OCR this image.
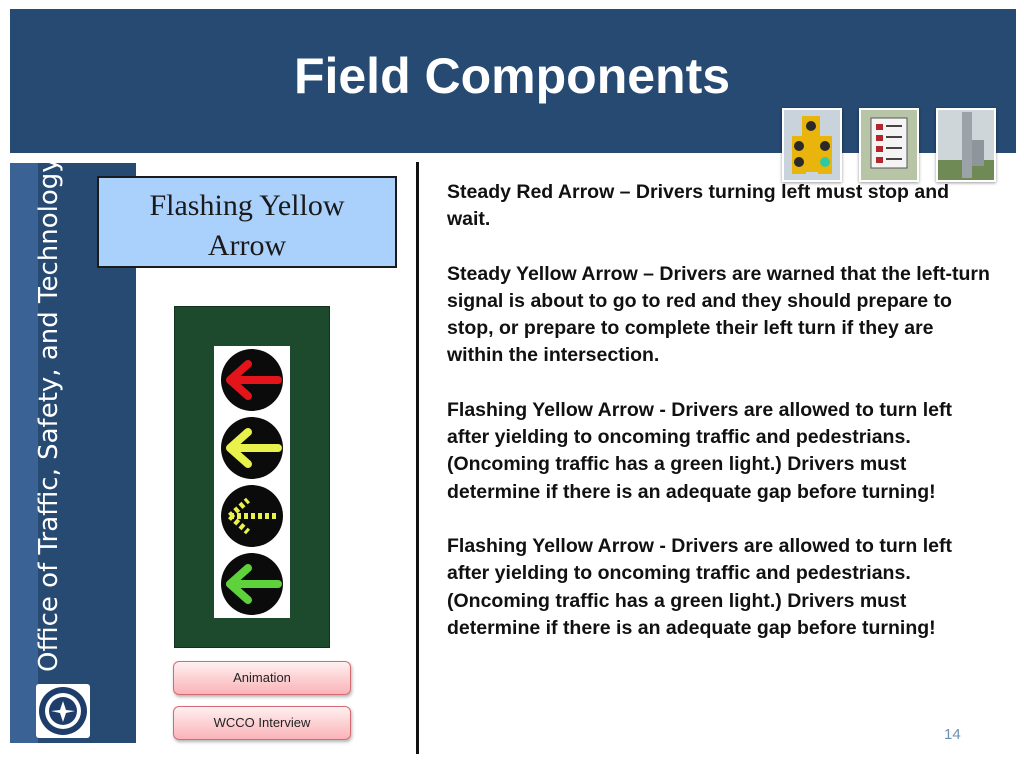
Field Components
Office of Traffic, Safety, and Technology	Flashing Yellow
Arrow
Animation
WCCO Interview

Steady Red Arrow – Drivers turning left must stop and wait.

Steady Yellow Arrow – Drivers are warned that the left-turn signal is about to go to red and they should prepare to stop, or prepare to complete their left turn if they are within the intersection.

Flashing Yellow Arrow - Drivers are allowed to turn left after yielding to oncoming traffic and pedestrians. (Oncoming traffic has a green light.) Drivers must determine if there is an adequate gap before turning!

Flashing Yellow Arrow - Drivers are allowed to turn left after yielding to oncoming traffic and pedestrians. (Oncoming traffic has a green light.) Drivers must determine if there is an adequate gap before turning!

14
